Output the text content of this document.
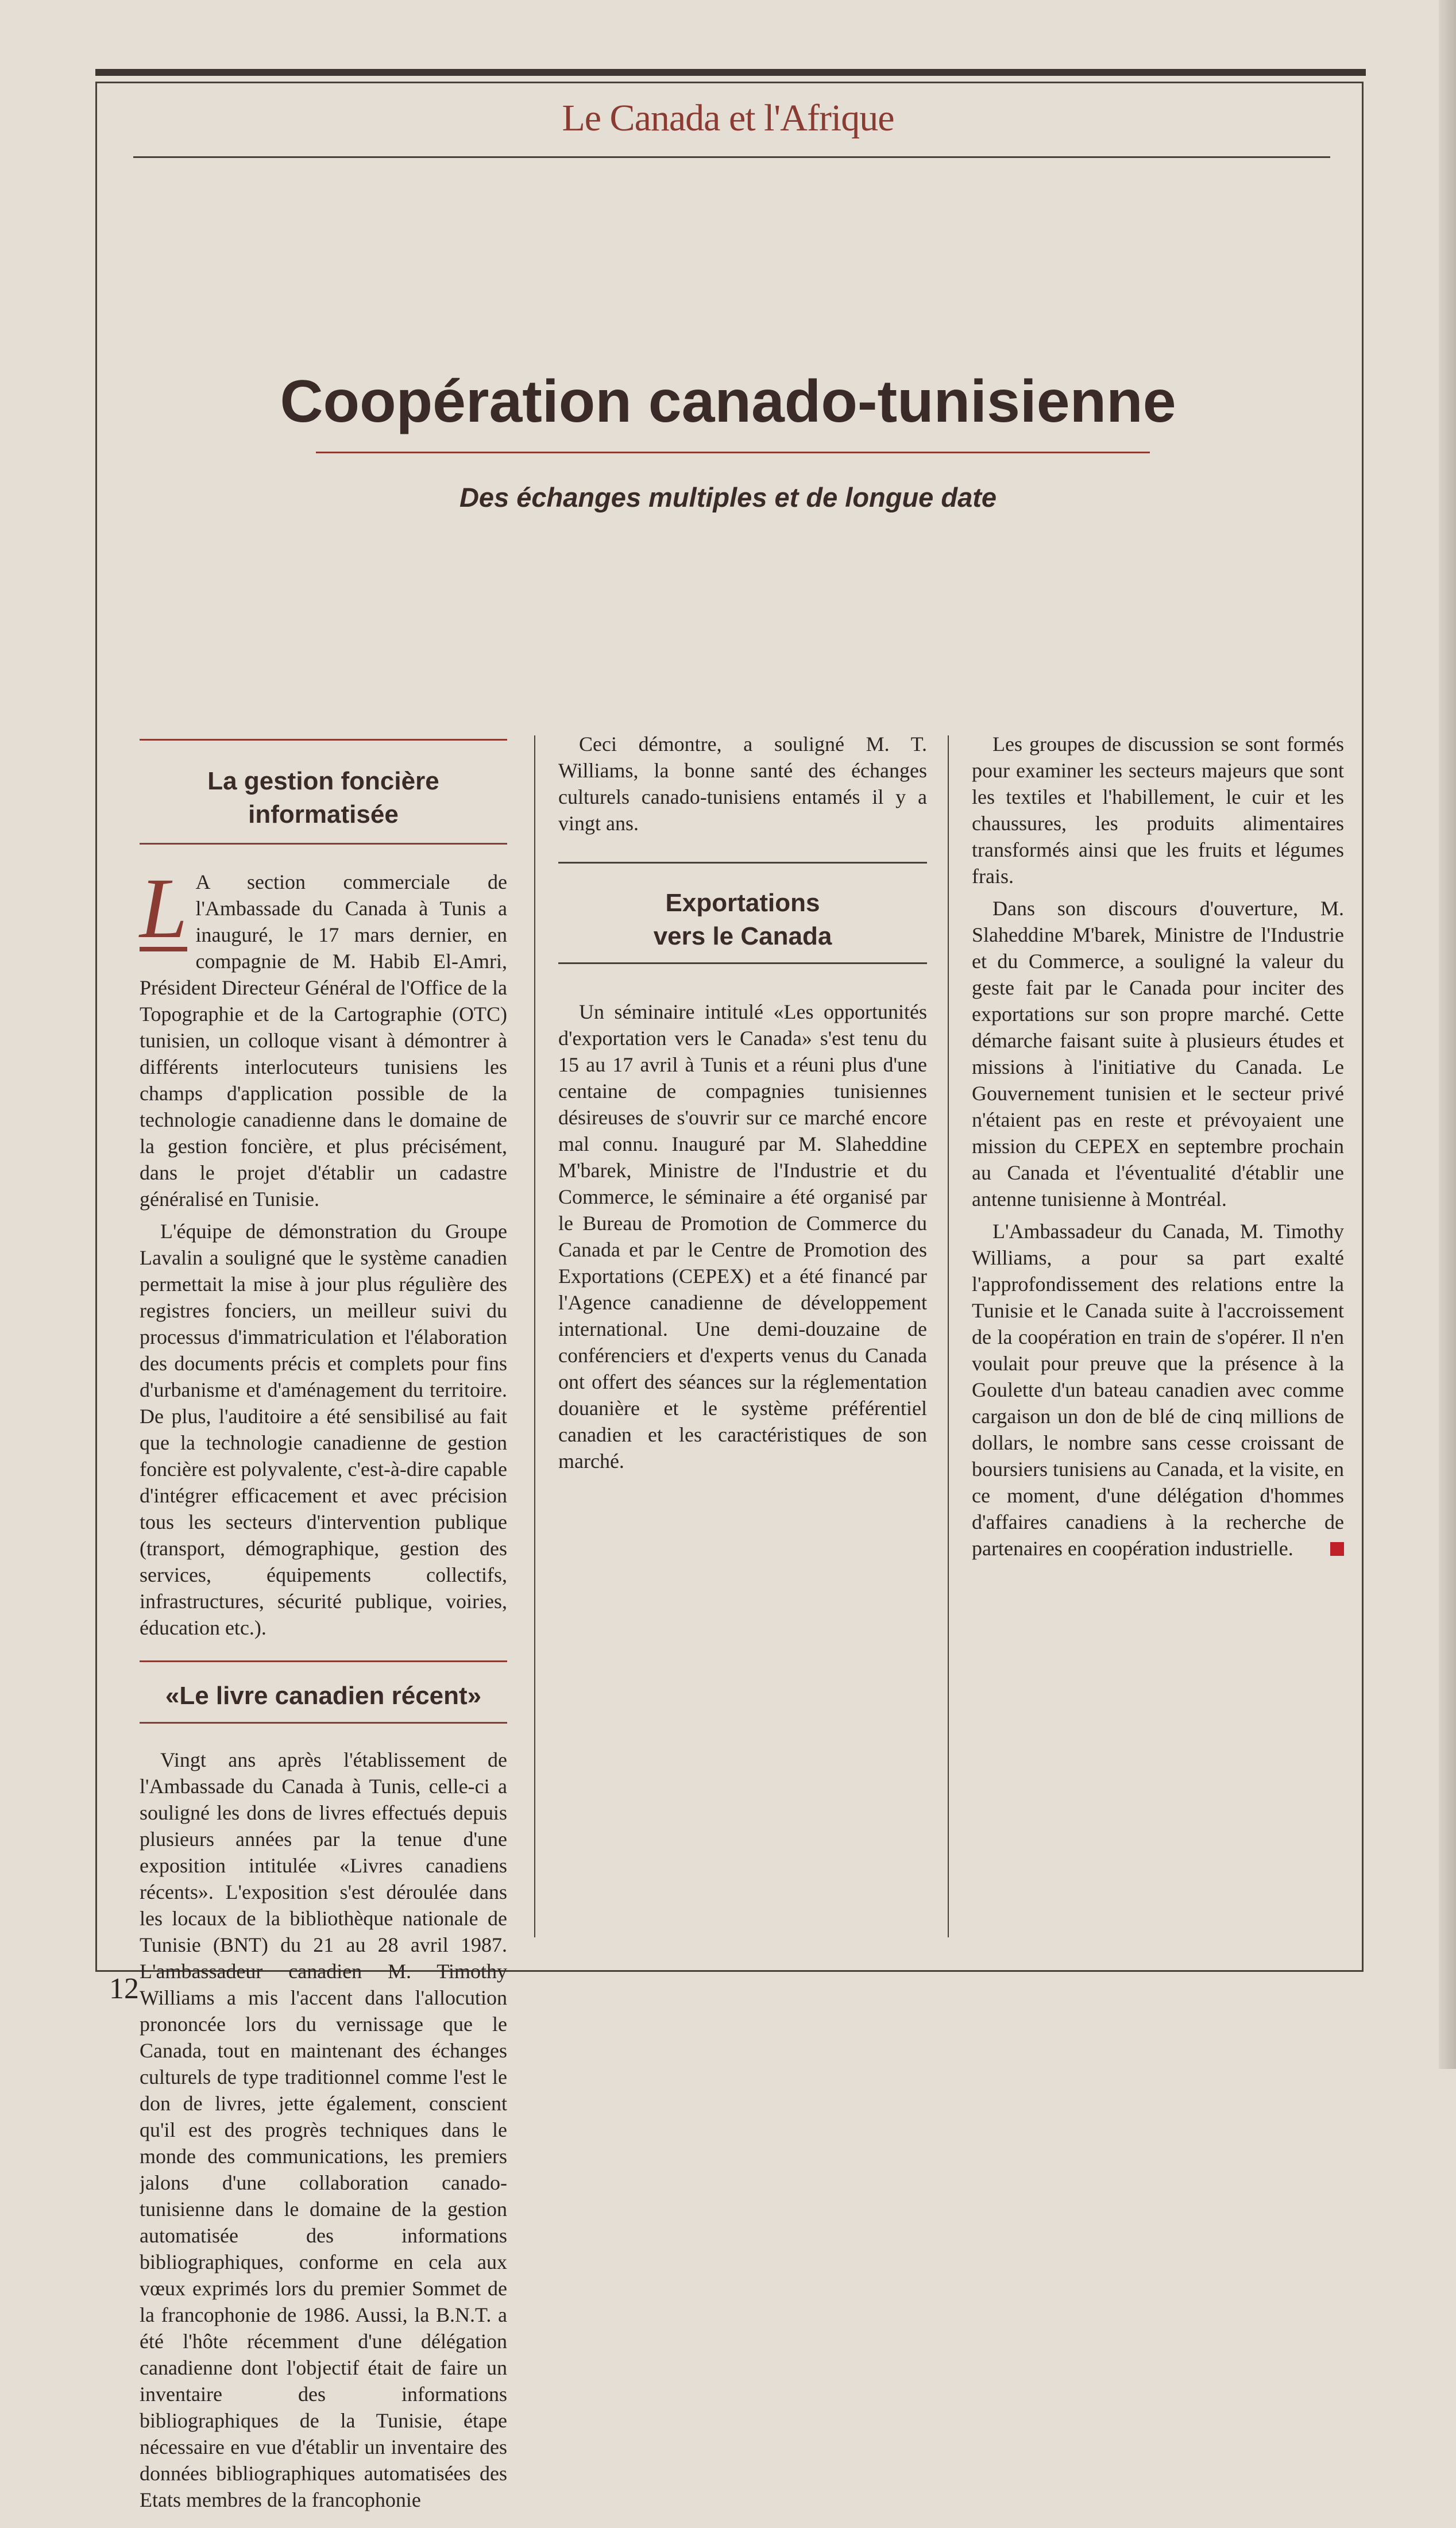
Le Canada et l'Afrique
Coopération canado-tunisienne
Des échanges multiples et de longue date
La gestion foncière
informatisée

L A section commerciale de l'Ambassade du Canada à Tunis a inauguré, le 17 mars dernier, en compagnie de M. Habib El-Amri, Président Directeur Général de l'Office de la Topographie et de la Cartographie (OTC) tunisien, un colloque visant à démontrer à différents interlocuteurs tunisiens les champs d'application possible de la technologie canadienne dans le domaine de la gestion foncière, et plus précisément, dans le projet d'établir un cadastre généralisé en Tunisie.

L'équipe de démonstration du Groupe Lavalin a souligné que le système canadien permettait la mise à jour plus régulière des registres fonciers, un meilleur suivi du processus d'immatriculation et l'élaboration des documents précis et complets pour fins d'urbanisme et d'aménagement du territoire. De plus, l'auditoire a été sensibilisé au fait que la technologie canadienne de gestion foncière est polyvalente, c'est-à-dire capable d'intégrer efficacement et avec précision tous les secteurs d'intervention publique (transport, démographique, gestion des services, équipements collectifs, infrastructures, sécurité publique, voiries, éducation etc.).

«Le livre canadien récent»

Vingt ans après l'établissement de l'Ambassade du Canada à Tunis, celle-ci a souligné les dons de livres effectués depuis plusieurs années par la tenue d'une exposition intitulée «Livres canadiens récents». L'exposition s'est déroulée dans les locaux de la bibliothèque nationale de Tunisie (BNT) du 21 au 28 avril 1987. L'ambassadeur canadien M. Timothy Williams a mis l'accent dans l'allocution prononcée lors du vernissage que le Canada, tout en maintenant des échanges culturels de type traditionnel comme l'est le don de livres, jette également, conscient qu'il est des progrès techniques dans le monde des communications, les premiers jalons d'une collaboration canado-tunisienne dans le domaine de la gestion automatisée des informations bibliographiques, conforme en cela aux vœux exprimés lors du premier Sommet de la francophonie de 1986. Aussi, la B.N.T. a été l'hôte récemment d'une délégation canadienne dont l'objectif était de faire un inventaire des informations bibliographiques de la Tunisie, étape nécessaire en vue d'établir un inventaire des données bibliographiques automatisées des Etats membres de la francophonie

Ceci démontre, a souligné M. T. Williams, la bonne santé des échanges culturels canado-tunisiens entamés il y a vingt ans.

Exportations
vers le Canada

Un séminaire intitulé «Les opportunités d'exportation vers le Canada» s'est tenu du 15 au 17 avril à Tunis et a réuni plus d'une centaine de compagnies tunisiennes désireuses de s'ouvrir sur ce marché encore mal connu. Inauguré par M. Slaheddine M'barek, Ministre de l'Industrie et du Commerce, le séminaire a été organisé par le Bureau de Promotion de Commerce du Canada et par le Centre de Promotion des Exportations (CEPEX) et a été financé par l'Agence canadienne de développement international. Une demi-douzaine de conférenciers et d'experts venus du Canada ont offert des séances sur la réglementation douanière et le système préférentiel canadien et les caractéristiques de son marché.

Les groupes de discussion se sont formés pour examiner les secteurs majeurs que sont les textiles et l'habillement, le cuir et les chaussures, les produits alimentaires transformés ainsi que les fruits et légumes frais.

Dans son discours d'ouverture, M. Slaheddine M'barek, Ministre de l'Industrie et du Commerce, a souligné la valeur du geste fait par le Canada pour inciter des exportations sur son propre marché. Cette démarche faisant suite à plusieurs études et missions à l'initiative du Canada. Le Gouvernement tunisien et le secteur privé n'étaient pas en reste et prévoyaient une mission du CEPEX en septembre prochain au Canada et l'éventualité d'établir une antenne tunisienne à Montréal.

L'Ambassadeur du Canada, M. Timothy Williams, a pour sa part exalté l'approfondissement des relations entre la Tunisie et le Canada suite à l'accroissement de la coopération en train de s'opérer. Il n'en voulait pour preuve que la présence à la Goulette d'un bateau canadien avec comme cargaison un don de blé de cinq millions de dollars, le nombre sans cesse croissant de boursiers tunisiens au Canada, et la visite, en ce moment, d'une délégation d'hommes d'affaires canadiens à la recherche de partenaires en coopération industrielle.

12
